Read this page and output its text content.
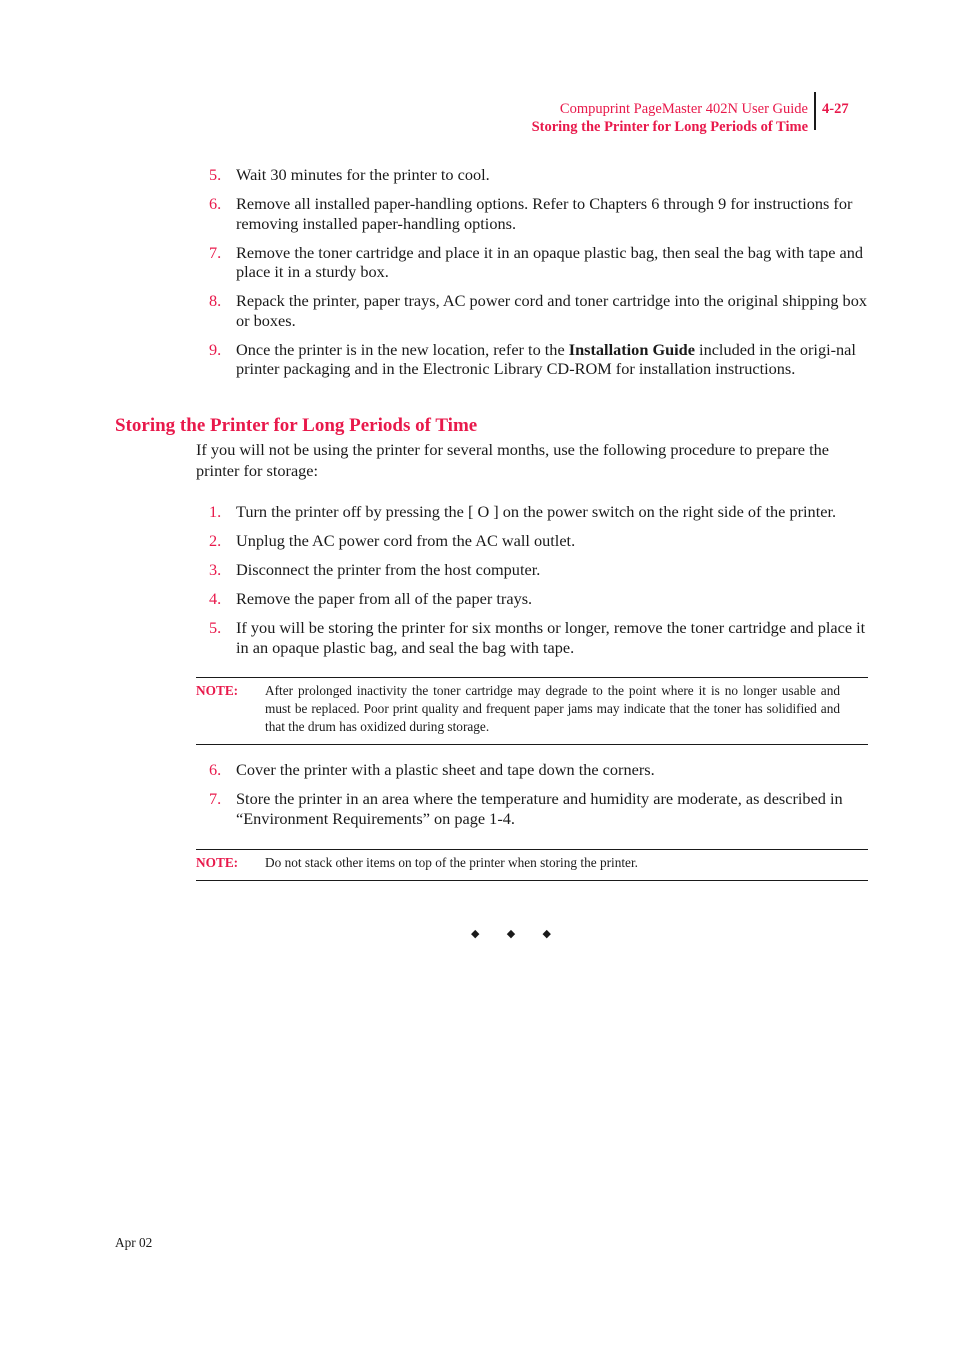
Compuprint PageMaster 402N User Guide
Storing the Printer for Long Periods of Time
4-27
5. Wait 30 minutes for the printer to cool.
6. Remove all installed paper-handling options. Refer to Chapters 6 through 9 for instructions for removing installed paper-handling options.
7. Remove the toner cartridge and place it in an opaque plastic bag, then seal the bag with tape and place it in a sturdy box.
8. Repack the printer, paper trays, AC power cord and toner cartridge into the original shipping box or boxes.
9. Once the printer is in the new location, refer to the Installation Guide included in the origi-nal printer packaging and in the Electronic Library CD-ROM for installation instructions.
Storing the Printer for Long Periods of Time
If you will not be using the printer for several months, use the following procedure to prepare the printer for storage:
1. Turn the printer off by pressing the [ O ] on the power switch on the right side of the printer.
2. Unplug the AC power cord from the AC wall outlet.
3. Disconnect the printer from the host computer.
4. Remove the paper from all of the paper trays.
5. If you will be storing the printer for six months or longer, remove the toner cartridge and place it in an opaque plastic bag, and seal the bag with tape.
NOTE: After prolonged inactivity the toner cartridge may degrade to the point where it is no longer usable and must be replaced. Poor print quality and frequent paper jams may indicate that the toner has solidified and that the drum has oxidized during storage.
6. Cover the printer with a plastic sheet and tape down the corners.
7. Store the printer in an area where the temperature and humidity are moderate, as described in “Environment Requirements” on page 1-4.
NOTE: Do not stack other items on top of the printer when storing the printer.
◆ ◆ ◆
Apr 02
